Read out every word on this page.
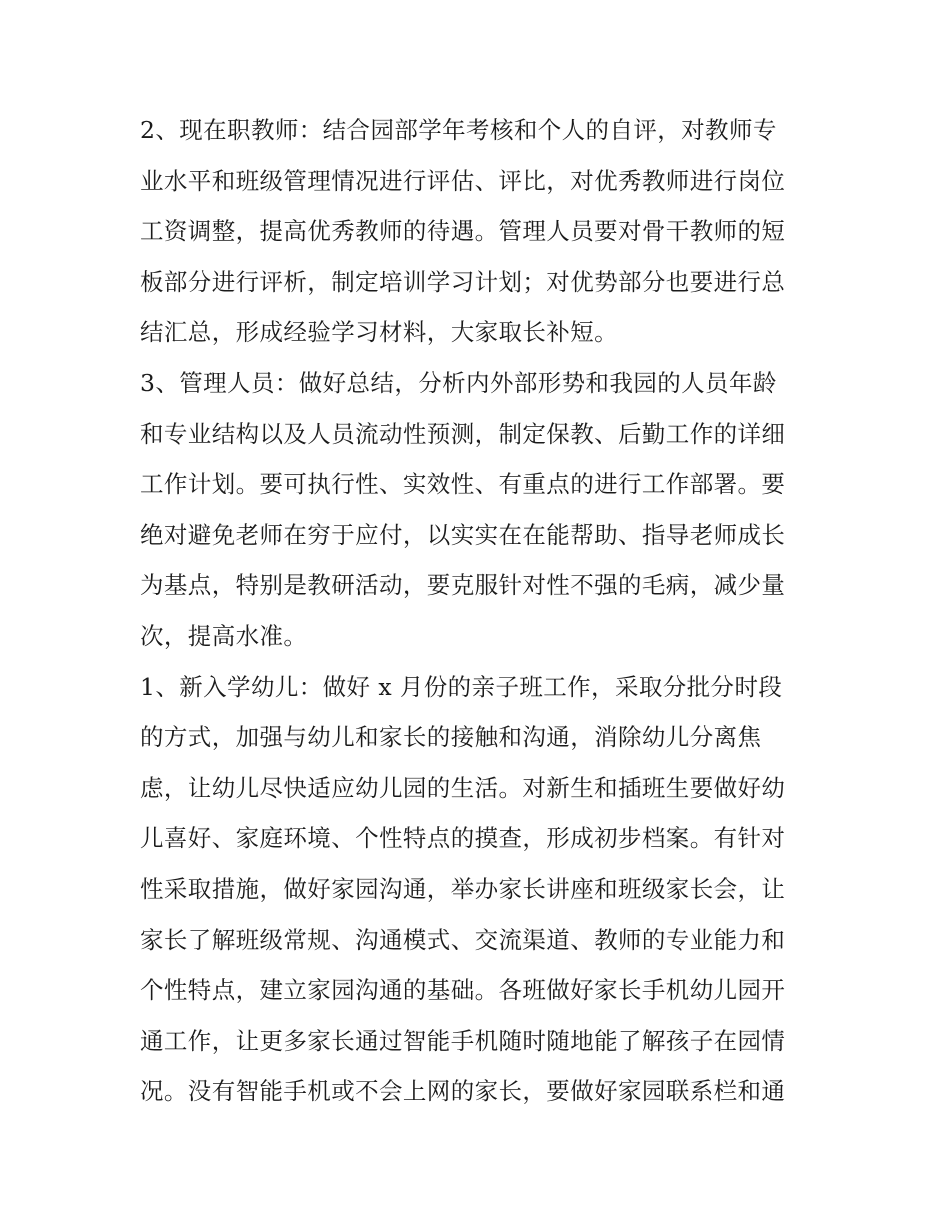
2、现在职教师：结合园部学年考核和个人的自评，对教师专
业水平和班级管理情况进行评估、评比，对优秀教师进行岗位
工资调整，提高优秀教师的待遇。管理人员要对骨干教师的短
板部分进行评析，制定培训学习计划；对优势部分也要进行总
结汇总，形成经验学习材料，大家取长补短。
3、管理人员：做好总结，分析内外部形势和我园的人员年龄
和专业结构以及人员流动性预测，制定保教、后勤工作的详细
工作计划。要可执行性、实效性、有重点的进行工作部署。要
绝对避免老师在穷于应付，以实实在在能帮助、指导老师成长
为基点，特别是教研活动，要克服针对性不强的毛病，减少量
次，提高水准。
1、新入学幼儿：做好 x 月份的亲子班工作，采取分批分时段
的方式，加强与幼儿和家长的接触和沟通，消除幼儿分离焦
虑，让幼儿尽快适应幼儿园的生活。对新生和插班生要做好幼
儿喜好、家庭环境、个性特点的摸查，形成初步档案。有针对
性采取措施，做好家园沟通，举办家长讲座和班级家长会，让
家长了解班级常规、沟通模式、交流渠道、教师的专业能力和
个性特点，建立家园沟通的基础。各班做好家长手机幼儿园开
通工作，让更多家长通过智能手机随时随地能了解孩子在园情
况。没有智能手机或不会上网的家长，要做好家园联系栏和通
